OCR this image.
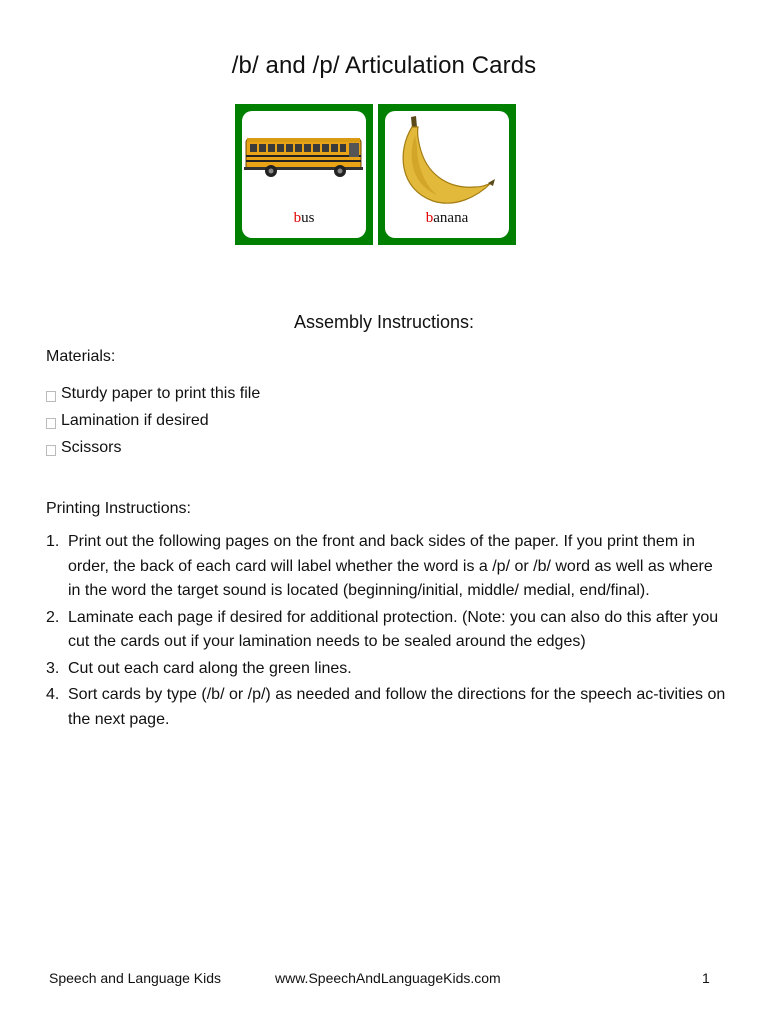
/b/ and /p/ Articulation Cards
bus	banana
Assembly Instructions:
Materials:
Sturdy paper to print this file
Lamination if desired
Scissors
Printing Instructions:
1. Print out the following pages on the front and back sides of the paper. If you print them in order, the back of each card will label whether the word is a /p/ or /b/ word as well as where in the word the target sound is located (beginning/initial, middle/ medial, end/final).
2. Laminate each page if desired for additional protection. (Note: you can also do this after you cut the cards out if your lamination needs to be sealed around the edges)
3. Cut out each card along the green lines.
4. Sort cards by type (/b/ or /p/) as needed and follow the directions for the speech ac-tivities on the next page.
Speech and Language Kids	www.SpeechAndLanguageKids.com	1
